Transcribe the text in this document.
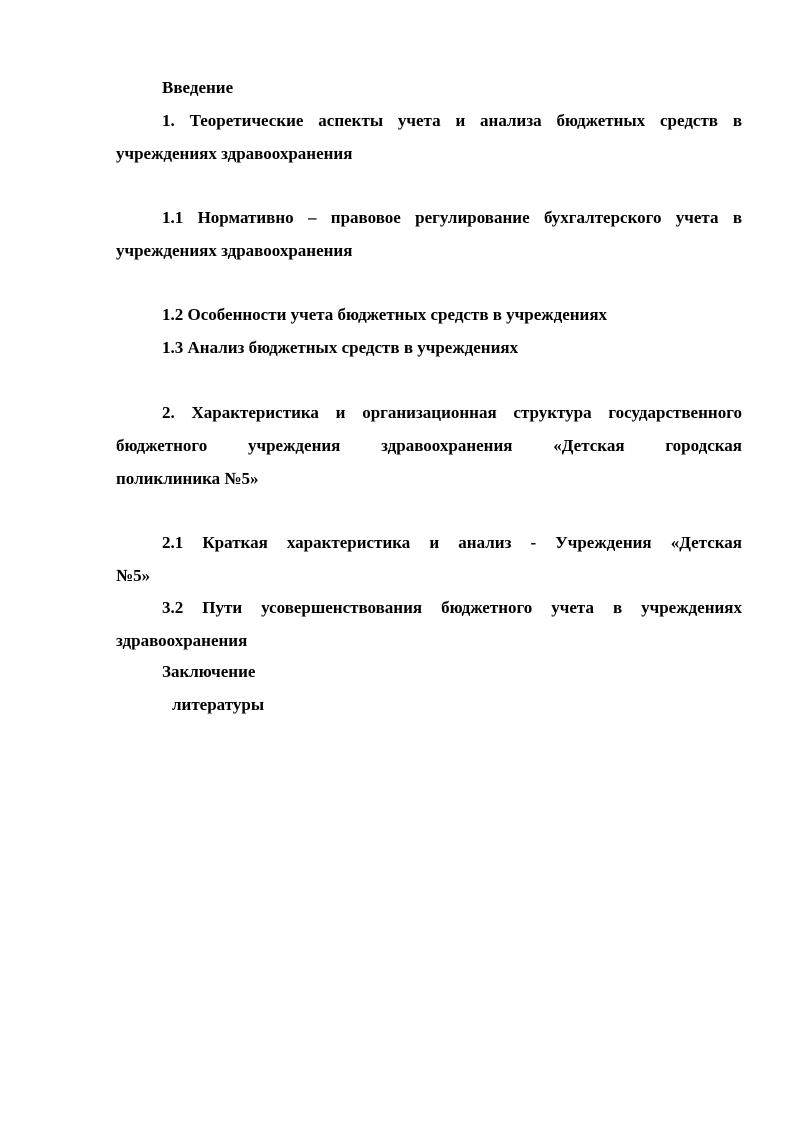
Введение
1. Теоретические аспекты учета и анализа бюджетных средств в
учреждениях здравоохранения
1.1 Нормативно – правовое регулирование бухгалтерского учета в
учреждениях здравоохранения
1.2 Особенности учета бюджетных средств в учреждениях
1.3 Анализ бюджетных средств в учреждениях
2. Характеристика и организационная структура государственного
бюджетного учреждения здравоохранения «Детская городская
поликлиника №5»
2.1 Краткая характеристика и анализ - Учреждения «Детская
№5»
3.2 Пути усовершенствования бюджетного учета в учреждениях
здравоохранения
Заключение
литературы
